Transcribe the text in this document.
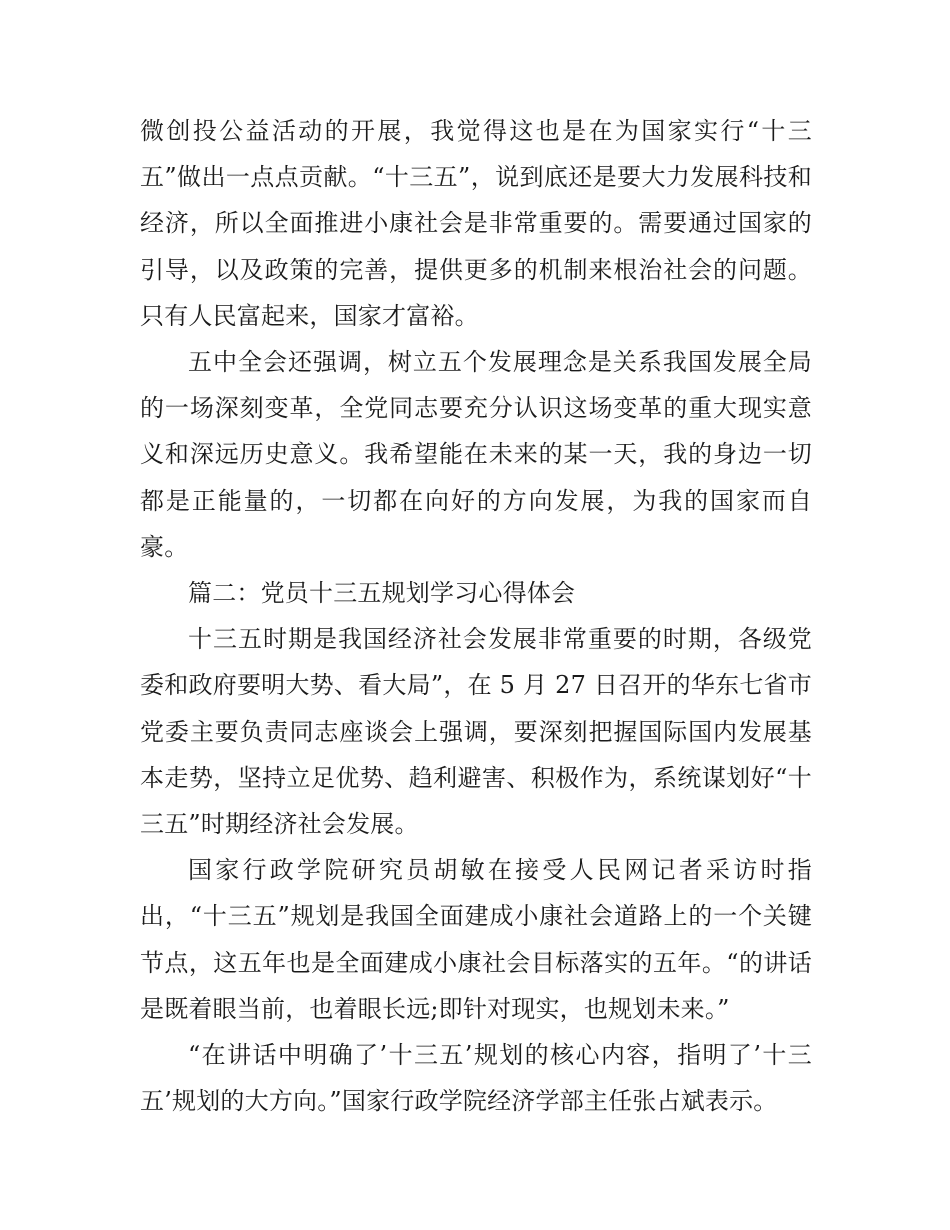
微创投公益活动的开展，我觉得这也是在为国家实行“十三五”做出一点点贡献。“十三五”，说到底还是要大力发展科技和经济，所以全面推进小康社会是非常重要的。需要通过国家的引导，以及政策的完善，提供更多的机制来根治社会的问题。只有人民富起来，国家才富裕。

五中全会还强调，树立五个发展理念是关系我国发展全局的一场深刻变革，全党同志要充分认识这场变革的重大现实意义和深远历史意义。我希望能在未来的某一天，我的身边一切都是正能量的，一切都在向好的方向发展，为我的国家而自豪。

篇二：党员十三五规划学习心得体会

十三五时期是我国经济社会发展非常重要的时期，各级党委和政府要明大势、看大局”，在 5 月 27 日召开的华东七省市党委主要负责同志座谈会上强调，要深刻把握国际国内发展基本走势，坚持立足优势、趋利避害、积极作为，系统谋划好“十三五”时期经济社会发展。

国家行政学院研究员胡敏在接受人民网记者采访时指出，“十三五”规划是我国全面建成小康社会道路上的一个关键节点，这五年也是全面建成小康社会目标落实的五年。“的讲话是既着眼当前，也着眼长远;即针对现实，也规划未来。”

“在讲话中明确了’十三五’规划的核心内容，指明了’十三五’规划的大方向。”国家行政学院经济学部主任张占斌表示。
